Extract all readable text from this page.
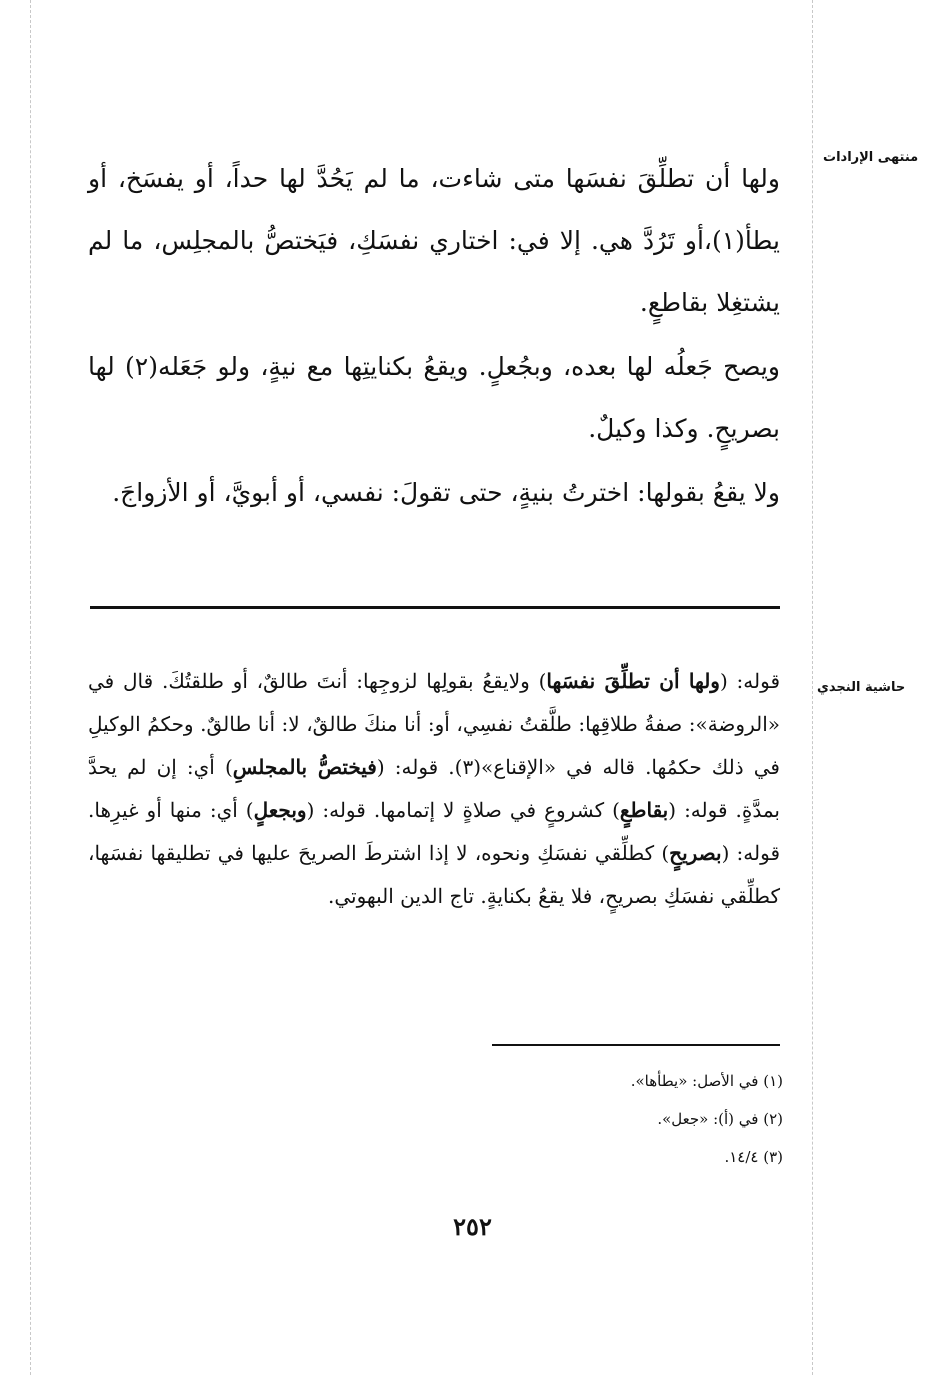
منتهى الإرادات

ولها أن تطلِّقَ نفسَها متى شاءت، ما لم يَحُدَّ لها حداً، أو يفسَخ، أو يطأ(١)،أو تَرُدَّ هي. إلا في: اختاري نفسَكِ، فيَختصُّ بالمجلِس، ما لم يشتغِلا بقاطعٍ.

ويصح جَعلُه لها بعده، وبجُعلٍ. ويقعُ بكنايتِها مع نيةٍ، ولو جَعَله(٢) لها بصريحٍ. وكذا وكيلٌ.

ولا يقعُ بقولها: اخترتُ بنيةٍ، حتى تقولَ: نفسي، أو أبويَّ، أو الأزواجَ.

حاشية النجدي

قوله: (ولها أن تطلِّقَ نفسَها) ولايقعُ بقولِها لزوجِها: أنتَ طالقٌ، أو طلقتُكَ. قال في «الروضة»: صفةُ طلاقِها: طلَّقتُ نفسِي، أو: أنا منكَ طالقٌ، لا: أنا طالقٌ. وحكمُ الوكيلِ في ذلك حكمُها. قاله في «الإقناع»(٣). قوله: (فيختصُّ بالمجلسِ) أي: إن لم يحدَّ بمدَّةٍ. قوله: (بقاطعٍ) كشروعٍ في صلاةٍ لا إتمامها. قوله: (وبجعلٍ) أي: منها أو غيرِها. قوله: (بصريحٍ) كطلِّقي نفسَكِ ونحوه، لا إذا اشترطَ الصريحَ عليها في تطليقها نفسَها، كطلِّقي نفسَكِ بصريحٍ، فلا يقعُ بكنايةٍ. تاج الدين البهوتي.

(١) في الأصل: «يطأها».
(٢) في (أ): «جعل».
(٣) ١٤/٤.
٢٥٢
